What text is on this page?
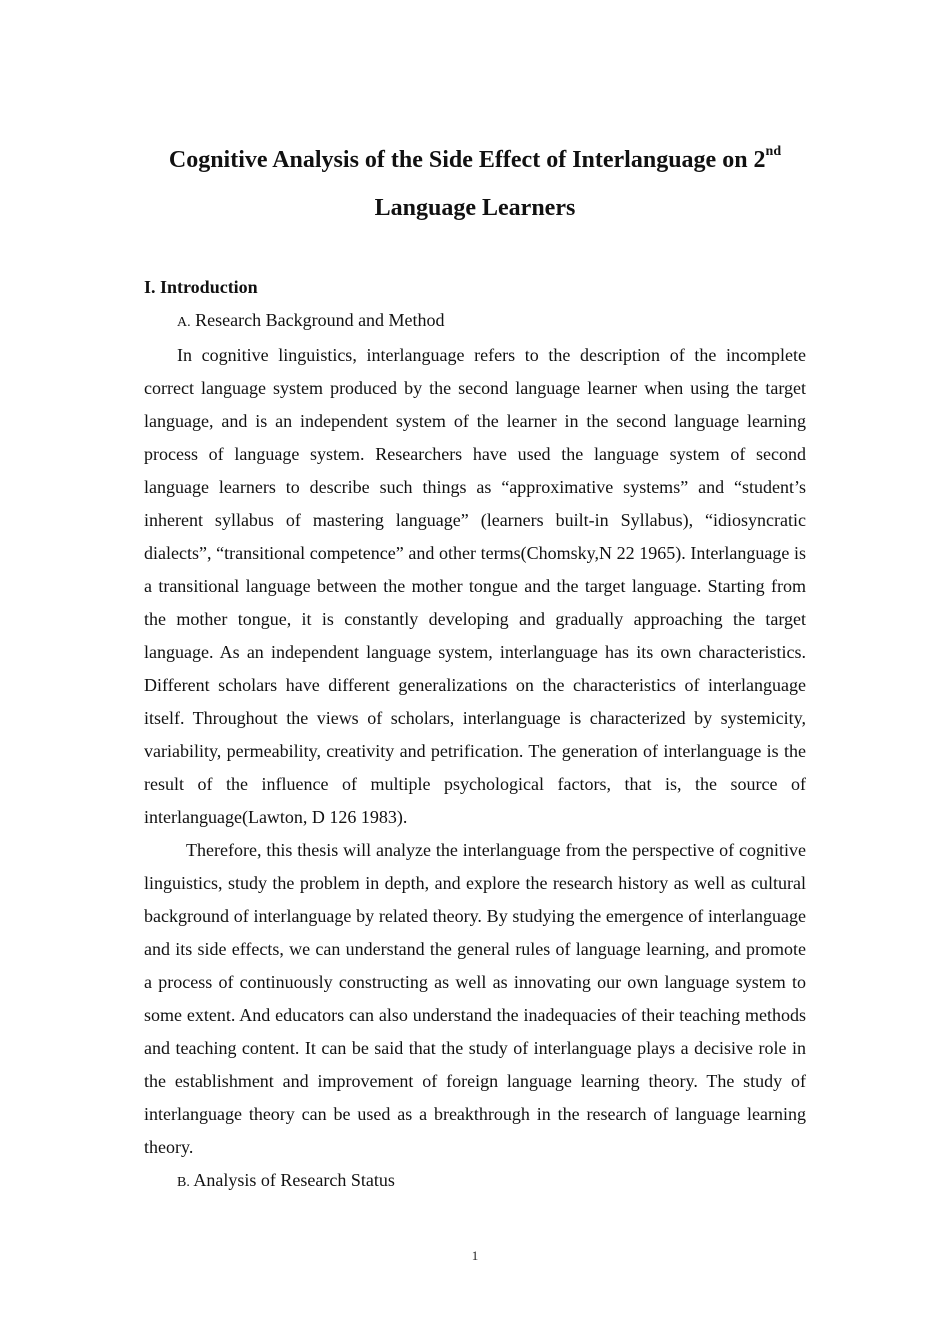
Cognitive Analysis of the Side Effect of Interlanguage on 2nd
Language Learners

I. Introduction

A. Research Background and Method

In cognitive linguistics, interlanguage refers to the description of the incomplete correct language system produced by the second language learner when using the target language, and is an independent system of the learner in the second language learning process of language system. Researchers have used the language system of second language learners to describe such things as “approximative systems” and “student’s inherent syllabus of mastering language” (learners built-in Syllabus), “idiosyncratic dialects”, “transitional competence” and other terms(Chomsky,N 22 1965). Interlanguage is a transitional language between the mother tongue and the target language. Starting from the mother tongue, it is constantly developing and gradually approaching the target language. As an independent language system, interlanguage has its own characteristics. Different scholars have different generalizations on the characteristics of interlanguage itself. Throughout the views of scholars, interlanguage is characterized by systemicity, variability, permeability, creativity and petrification. The generation of interlanguage is the result of the influence of multiple psychological factors, that is, the source of interlanguage(Lawton, D 126 1983).

Therefore, this thesis will analyze the interlanguage from the perspective of cognitive linguistics, study the problem in depth, and explore the research history as well as cultural background of interlanguage by related theory. By studying the emergence of interlanguage and its side effects, we can understand the general rules of language learning, and promote a process of continuously constructing as well as innovating our own language system to some extent. And educators can also understand the inadequacies of their teaching methods and teaching content. It can be said that the study of interlanguage plays a decisive role in the establishment and improvement of foreign language learning theory. The study of interlanguage theory can be used as a breakthrough in the research of language learning theory.

B. Analysis of Research Status

1
